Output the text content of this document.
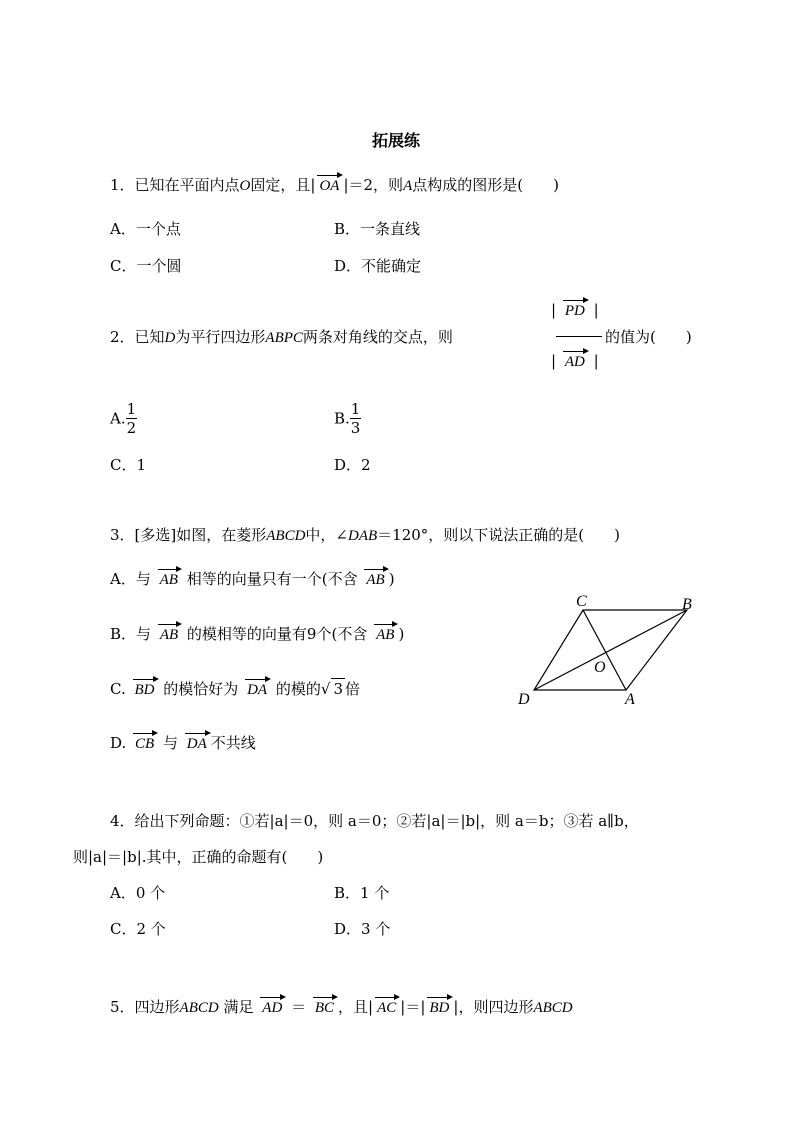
拓展练
1．已知在平面内点O固定，且| OA |＝2，则A点构成的图形是(　　)
A．一个点	B．一条直线
C．一个圆	D．不能确定
2．已知D为平行四边形ABPC两条对角线的交点，则
| PD |
| AD |
的值为(　　)
A. $\frac{1}{2}$	B. $\frac{1}{3}$
C．1	D．2
3．[多选]如图，在菱形ABCD中，∠DAB＝120°，则以下说法正确的是(　　)
A．与 AB 相等的向量只有一个(不含 AB )
B．与 AB 的模相等的向量有9个(不含 AB )
C. BD 的模恰好为 DA 的模的√ 3 倍
D. CB 与 DA 不共线
C	B
O
D	A
4．给出下列命题：①若|a|＝0，则 a＝0；②若|a|＝|b|，则 a＝b；③若 a∥b，
则|a|＝|b|.其中，正确的命题有(　　)
A．0 个	B．1 个
C．2 个	D．3 个
5．四边形ABCD 满足 AD ＝ BC ，且| AC |＝| BD |，则四边形ABCD
